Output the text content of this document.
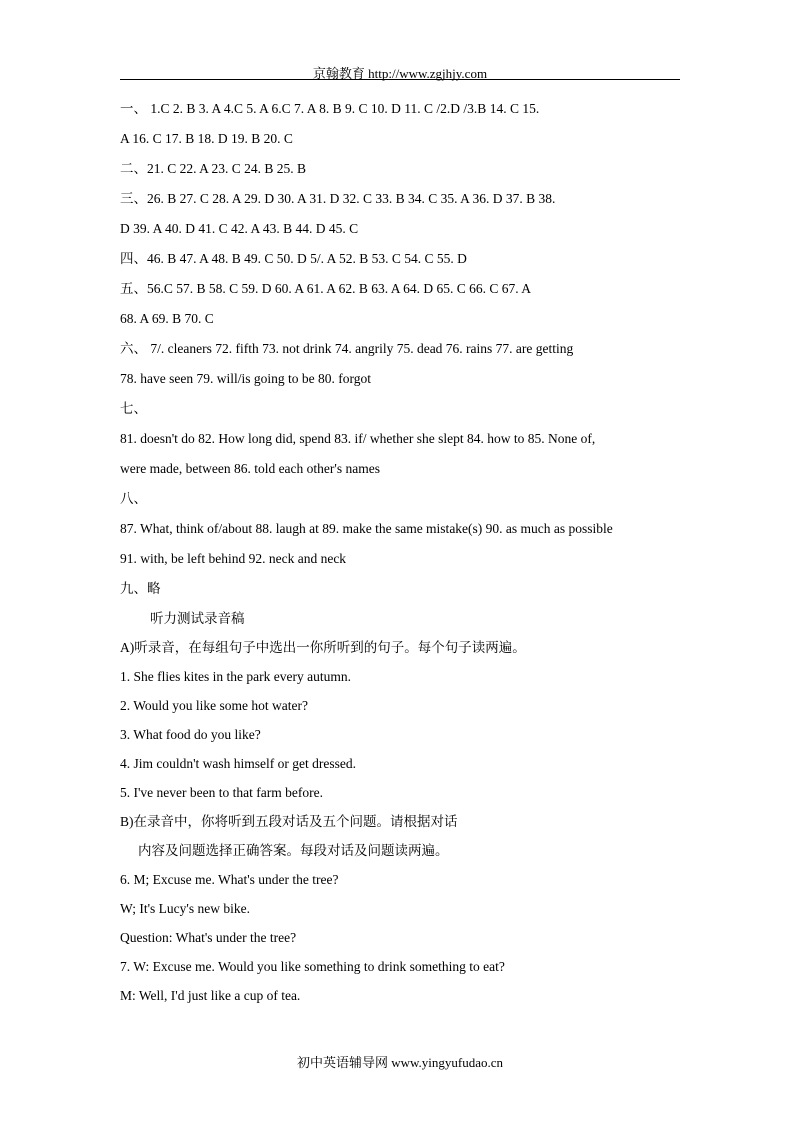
京翰教育 http://www.zgjhjy.com
一、 1.C 2. B 3. A 4.C 5. A 6.C 7. A 8. B 9. C 10. D 11. C /2.D /3.B 14. C 15.
A 16. C 17. B 18. D 19. B 20. C
二、21. C 22. A 23. C 24. B 25. B
三、26. B 27. C 28. A 29. D 30. A 31. D 32. C 33. B 34. C 35. A 36. D 37. B 38.
D 39. A 40. D 41. C 42. A 43. B 44. D 45. C
四、46. B 47. A 48. B 49. C 50. D 5/. A 52. B 53. C 54. C 55. D
五、56.C 57. B 58. C 59. D 60. A 61. A 62. B 63. A 64. D 65. C 66. C 67. A
68. A 69. B 70. C
六、 7/. cleaners 72. fifth 73. not drink 74. angrily 75. dead 76. rains 77. are getting
78. have seen 79. will/is going to be 80. forgot
七、
81. doesn't do 82. How long did, spend 83. if/ whether she slept 84. how to 85. None of,
were made, between 86. told each other's names
八、
87. What, think of/about 88. laugh at 89. make the same mistake(s) 90. as much as possible
91. with, be left behind 92. neck and neck
九、略
听力测试录音稿
A)听录音，在每组句子中选出一你所听到的句子。每个句子读两遍。
1. She flies kites in the park every autumn.
2. Would you like some hot water?
3. What food do you like?
4. Jim couldn't wash himself or get dressed.
5. I've never been to that farm before.
B)在录音中，你将听到五段对话及五个问题。请根据对话
内容及问题选择正确答案。每段对话及问题读两遍。
6. M; Excuse me. What's under the tree?
W; It's Lucy's new bike.
Question: What's under the tree?
7. W: Excuse me. Would you like something to drink something to eat?
M: Well, I'd just like a cup of tea.
初中英语辅导网 www.yingyufudao.cn
